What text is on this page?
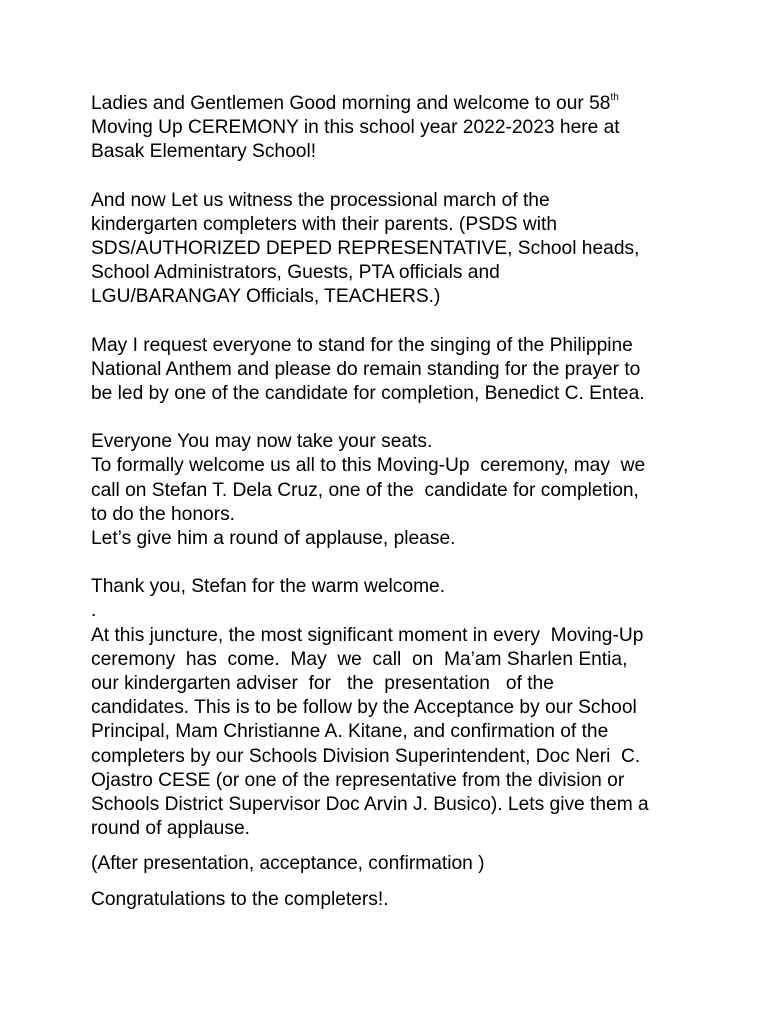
Ladies and Gentlemen Good morning and welcome to our 58th
Moving Up CEREMONY in this school year 2022-2023 here at
Basak Elementary School!

And now Let us witness the processional march of the
kindergarten completers with their parents. (PSDS with
SDS/AUTHORIZED DEPED REPRESENTATIVE, School heads,
School Administrators, Guests, PTA officials and
LGU/BARANGAY Officials, TEACHERS.)

May I request everyone to stand for the singing of the Philippine
National Anthem and please do remain standing for the prayer to
be led by one of the candidate for completion, Benedict C. Entea.

Everyone You may now take your seats.
To formally welcome us all to this Moving-Up  ceremony, may  we
call on Stefan T. Dela Cruz, one of the  candidate for completion,
to do the honors.
Let’s give him a round of applause, please.

Thank you, Stefan for the warm welcome.
.

At this juncture, the most significant moment in every  Moving-Up
ceremony  has  come.  May  we  call  on  Ma’am Sharlen Entia,
our kindergarten adviser  for   the  presentation   of the
candidates. This is to be follow by the Acceptance by our School
Principal, Mam Christianne A. Kitane, and confirmation of the
completers by our Schools Division Superintendent, Doc Neri  C.
Ojastro CESE (or one of the representative from the division or
Schools District Supervisor Doc Arvin J. Busico). Lets give them a
round of applause.

(After presentation, acceptance, confirmation )

Congratulations to the completers!.
